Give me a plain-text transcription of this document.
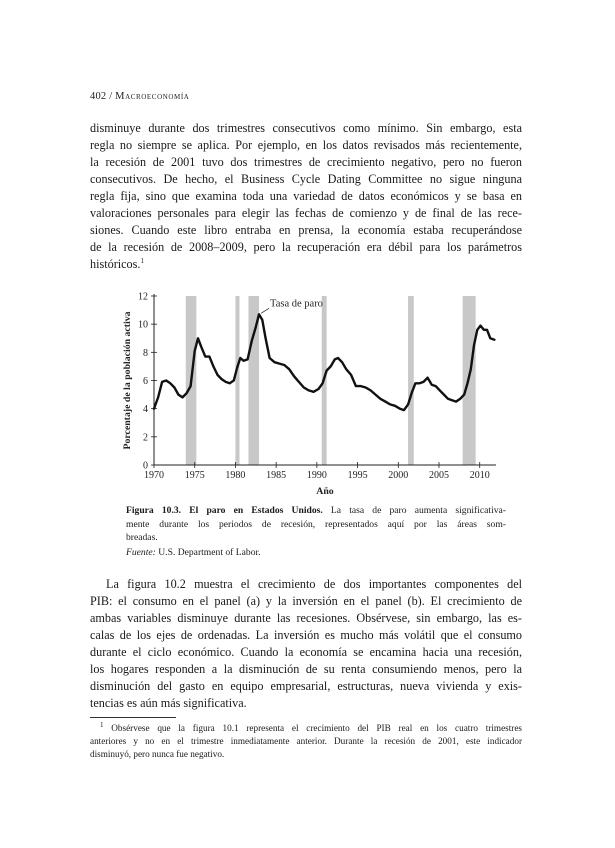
402 / Macroeconomía
disminuye durante dos trimestres consecutivos como mínimo. Sin embargo, esta
regla no siempre se aplica. Por ejemplo, en los datos revisados más recientemente,
la recesión de 2001 tuvo dos trimestres de crecimiento negativo, pero no fueron
consecutivos. De hecho, el Business Cycle Dating Committee no sigue ninguna
regla fija, sino que examina toda una variedad de datos económicos y se basa en
valoraciones personales para elegir las fechas de comienzo y de final de las rece-
siones. Cuando este libro entraba en prensa, la economía estaba recuperándose
de la recesión de 2008–2009, pero la recuperación era débil para los parámetros
históricos.$^1$
0
2
4
6
8
10
12
1970 1975 1980 1985 1990 1995 2000 2005 2010
Tasa de paro
Porcentaje de la población activa
Año
Figura 10.3. El paro en Estados Unidos. La tasa de paro aumenta significativa-
mente durante los periodos de recesión, representados aquí por las áreas som-
breadas.
Fuente: U.S. Department of Labor.
La figura 10.2 muestra el crecimiento de dos importantes componentes del
PIB: el consumo en el panel (a) y la inversión en el panel (b). El crecimiento de
ambas variables disminuye durante las recesiones. Obsérvese, sin embargo, las es-
calas de los ejes de ordenadas. La inversión es mucho más volátil que el consumo
durante el ciclo económico. Cuando la economía se encamina hacia una recesión,
los hogares responden a la disminución de su renta consumiendo menos, pero la
disminución del gasto en equipo empresarial, estructuras, nueva vivienda y exis-
tencias es aún más significativa.
$^1$ Obsérvese que la figura 10.1 representa el crecimiento del PIB real en los cuatro trimestres
anteriores y no en el trimestre inmediatamente anterior. Durante la recesión de 2001, este indicador
disminuyó, pero nunca fue negativo.
